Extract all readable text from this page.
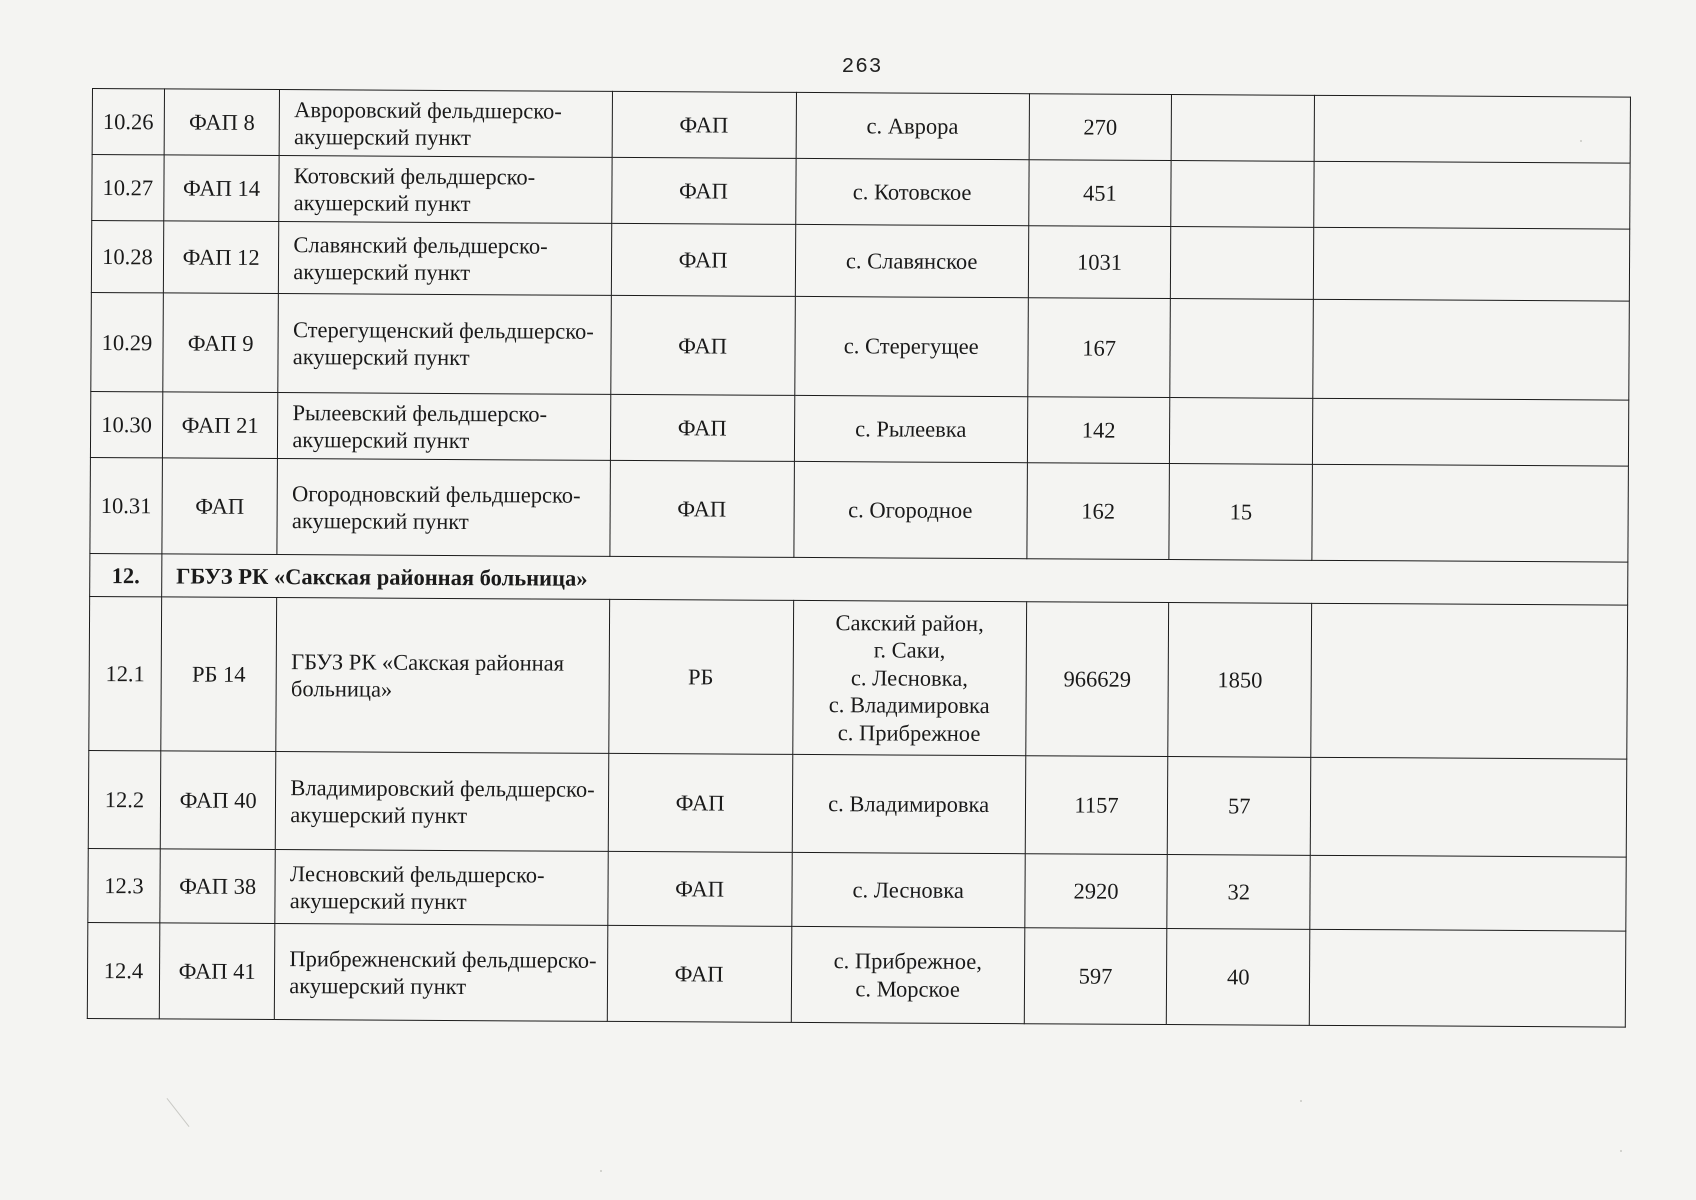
263
10.26	ФАП 8	Авроровский фельдшерско-акушерский пункт	ФАП	с. Аврора	270		
10.27	ФАП 14	Котовский фельдшерско-акушерский пункт	ФАП	с. Котовское	451		
10.28	ФАП 12	Славянский фельдшерско-акушерский пункт	ФАП	с. Славянское	1031		
10.29	ФАП 9	Стерегущенский фельдшерско- акушерский пункт	ФАП	с. Стерегущее	167		
10.30	ФАП 21	Рылеевский фельдшерско-акушерский пункт	ФАП	с. Рылеевка	142		
10.31	ФАП	Огородновский фельдшерско- акушерский пункт	ФАП	с. Огородное	162	15	
12.	ГБУЗ РК «Сакская районная больница»						
12.1	РБ 14	ГБУЗ РК «Сакская районная больница»	РБ	Сакский район,
г. Саки,
с. Лесновка,
с. Владимировка
с. Прибрежное	966629	1850	
12.2	ФАП 40	Владимировский фельдшерско- акушерский пункт	ФАП	с. Владимировка	1157	57	
12.3	ФАП 38	Лесновский фельдшерско-акушерский пункт	ФАП	с. Лесновка	2920	32	
12.4	ФАП 41	Прибрежненский фельдшерско- акушерский пункт	ФАП	с. Прибрежное,
с. Морское	597	40	
